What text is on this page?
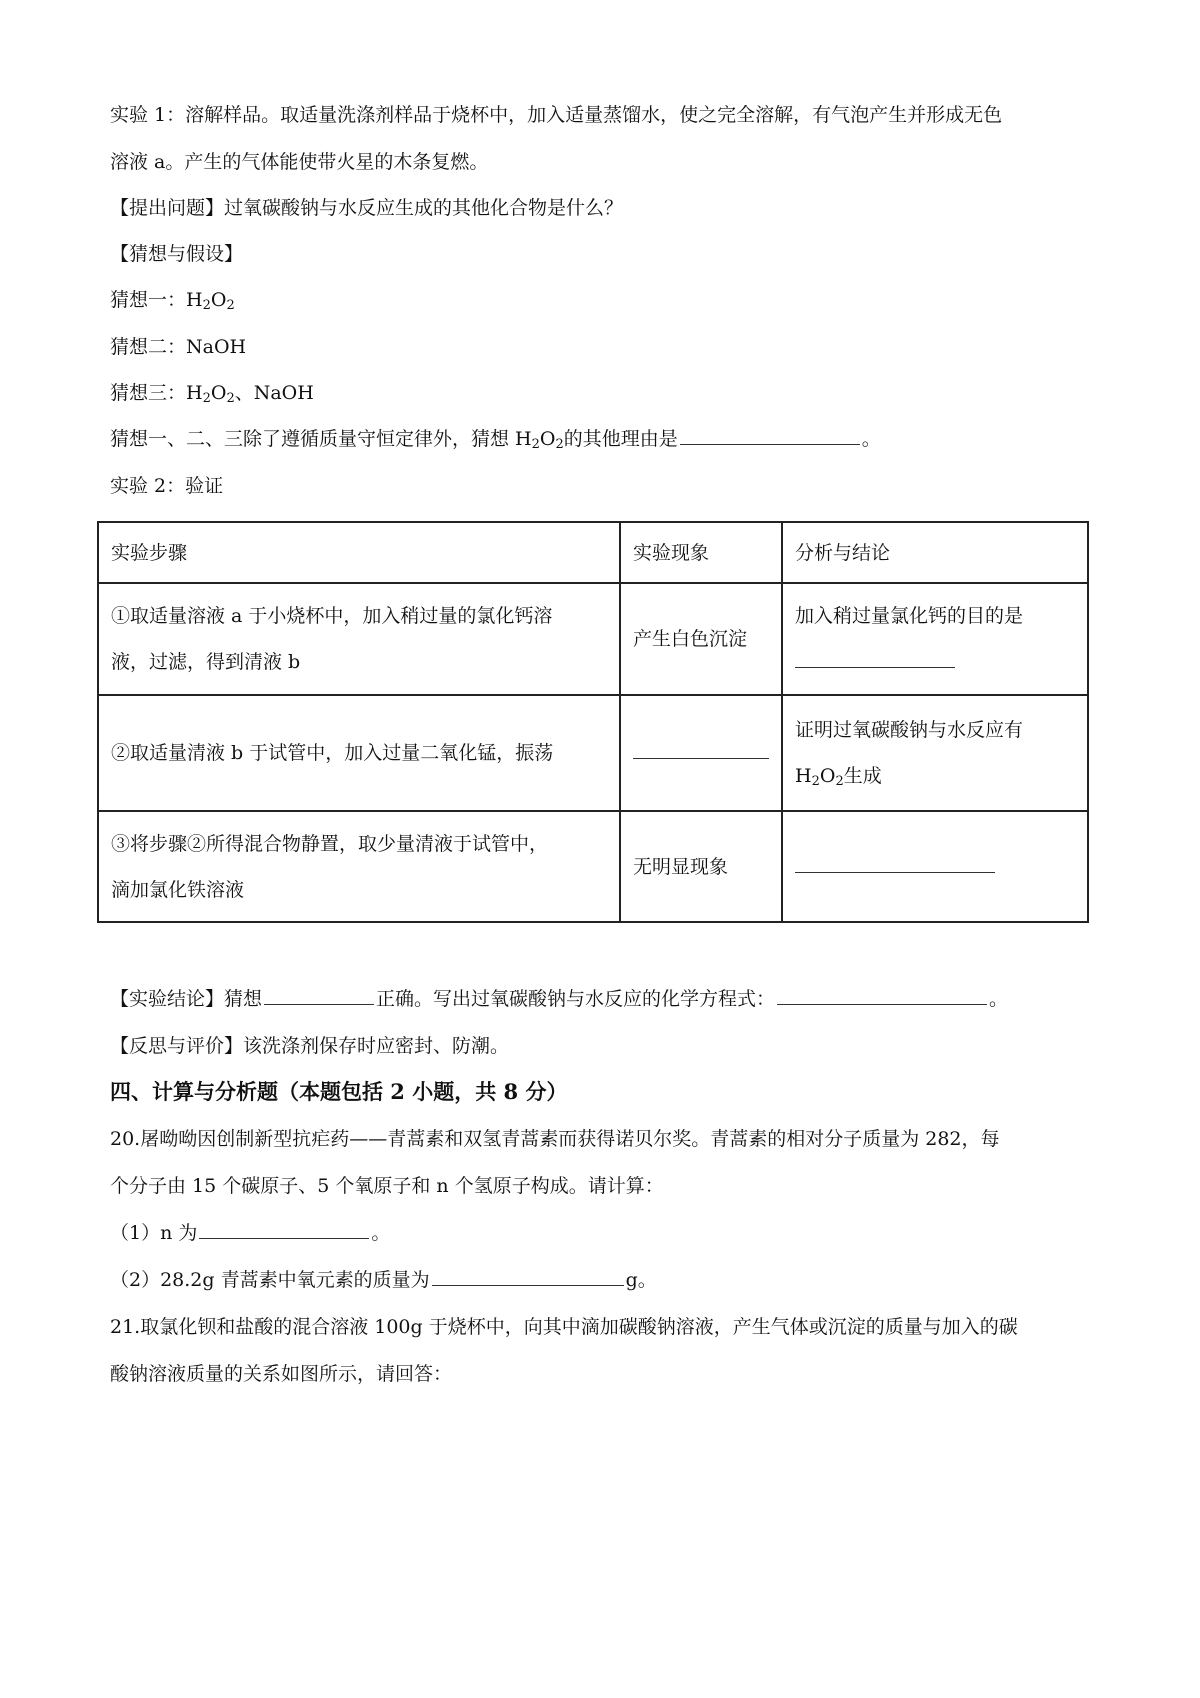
实验 1：溶解样品。取适量洗涤剂样品于烧杯中，加入适量蒸馏水，使之完全溶解，有气泡产生并形成无色
溶液 a。产生的气体能使带火星的木条复燃。
【提出问题】过氧碳酸钠与水反应生成的其他化合物是什么？
【猜想与假设】
猜想一：$H_2O_2$
猜想二：NaOH
猜想三：$H_2O_2$、NaOH
猜想一、二、三除了遵循质量守恒定律外，猜想 $H_2O_2$的其他理由是	。
实验 2：验证
实验步骤	实验现象	分析与结论

①取适量溶液 a 于小烧杯中，加入稍过量的氯化钙溶
液，过滤，得到清液 b	产生白色沉淀	加入稍过量氯化钙的目的是

②取适量清液 b 于试管中，加入过量二氧化锰，振荡		证明过氧碳酸钠与水反应有
$H_2O_2$生成

③将步骤②所得混合物静置，取少量清液于试管中，
滴加氯化铁溶液	无明显现象	
【实验结论】猜想	正确。写出过氧碳酸钠与水反应的化学方程式：	。
【反思与评价】该洗涤剂保存时应密封、防潮。
四、计算与分析题（本题包括 2 小题，共 8 分）
20.屠呦呦因创制新型抗疟药——青蒿素和双氢青蒿素而获得诺贝尔奖。青蒿素的相对分子质量为 282，每
个分子由 15 个碳原子、5 个氧原子和 n 个氢原子构成。请计算：
（1）n 为	。
（2）28.2g 青蒿素中氧元素的质量为	g。
21.取氯化钡和盐酸的混合溶液 100g 于烧杯中，向其中滴加碳酸钠溶液，产生气体或沉淀的质量与加入的碳
酸钠溶液质量的关系如图所示，请回答：
